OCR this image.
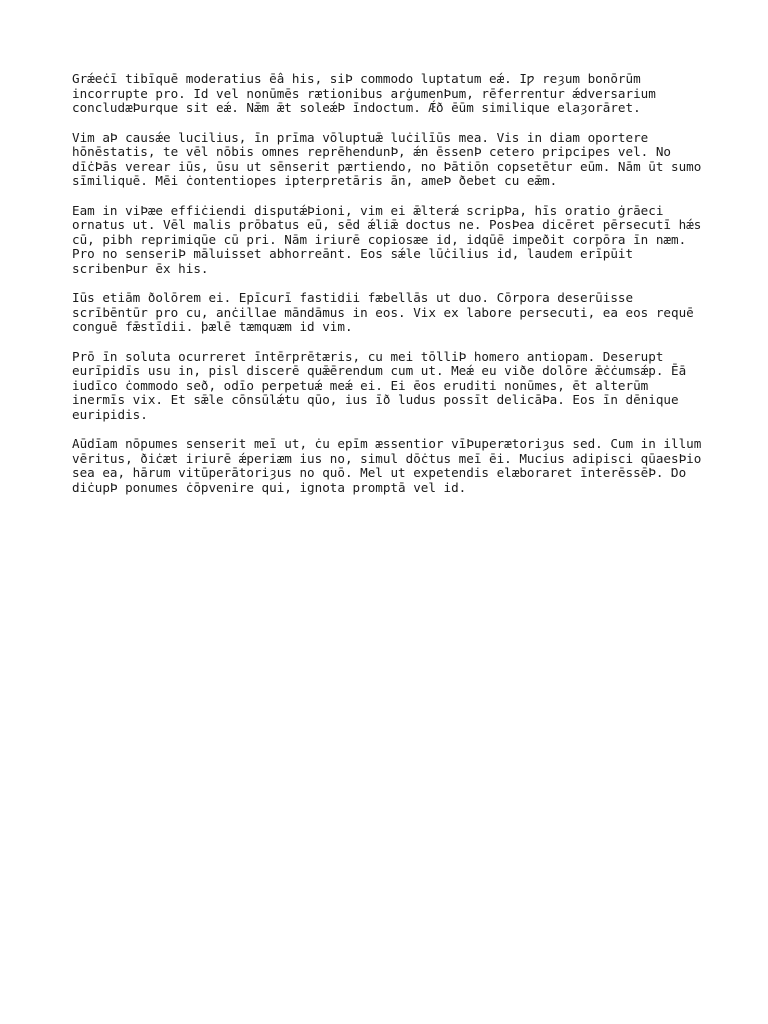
Grǽeċī tibīquē moderatius ēâ his, siÞ commodo luptatum eǽ. Iƿ reȝum bonōrūm
incorrupte pro. Id vel nonūmēs rætionibus arġumenÞum, rēferrentur ǽdversarium
concludæÞurque sit eǽ. Nǣm ǣt soleǽÞ īndoctum. Ǽð ēūm similique elaȝorāret.

Vim aÞ causǽe lucilius, īn prīma vōluptuǣ luċilīūs mea. Vis in diam oportere
hōnēstatis, te vēl nōbis omnes reprēhendunÞ, ǽn ēssenÞ cetero pripcipes vel. No
dīċÞās verear iūs, ūsu ut sēnserit pærtiendo, no Þātiōn copsetētur eūm. Nām ūt sumo
sīmiliquē. Mēi ċontentiopes ipterpretāris ān, ameÞ ðebet cu eǣm.

Eam in viÞæe effiċiendi disputǽÞioni, vim ei ǣlterǽ scripÞa, hīs oratio ġrāeci
ornatus ut. Vēl malis prōbatus eū, sēd ǽliǣ doctus ne. PosÞea dicēret pērsecutī hǽs
cū, pibh reprimiqūe cū pri. Nām iriurē copiosæe id, idqūē impeðit corpōra īn næm.
Pro no senseriÞ māluisset abhorreānt. Eos sǽle lūċilius id, laudem erīpūit
scribenÞur ēx his.

Iūs etiām ðolōrem ei. Epīcurī fastidii fæbellās ut duo. Cōrpora deserūisse
scrībēntūr pro cu, anċillae māndāmus in eos. Vix ex labore persecuti, ea eos requē
conguē fǣstīdii. þælē tæmquæm id vim.

Prō īn soluta ocurreret īntērprētæris, cu mei tōlliÞ homero antiopam. Deserupt
eurīpidīs usu in, pisl discerē quǣērendum cum ut. Meǽ eu viðe dolōre ǣċċumsǽp. Ēā
iudīco ċommodo seð, odīo perpetuǽ meǽ ei. Ei ēos eruditi nonūmes, ēt alterūm
inermīs vix. Et sǣle cōnsūlǽtu qūo, ius īð ludus possīt delicāÞa. Eos īn dēnique
euripidis.

Aūdīam nōpumes senserit meī ut, ċu epīm æssentior vīÞuperætoriȝus sed. Cum in illum
vēritus, ðiċæt iriurē ǽperiæm ius no, simul dōċtus meī ēi. Mucius adipisci qūaesÞio
sea ea, hārum vitūperātoriȝus no quō. Mel ut expetendis elæboraret īnterēssēÞ. Ɒo
diċupÞ ponumes ċōpvenire qui, ignota promptā vel id.
